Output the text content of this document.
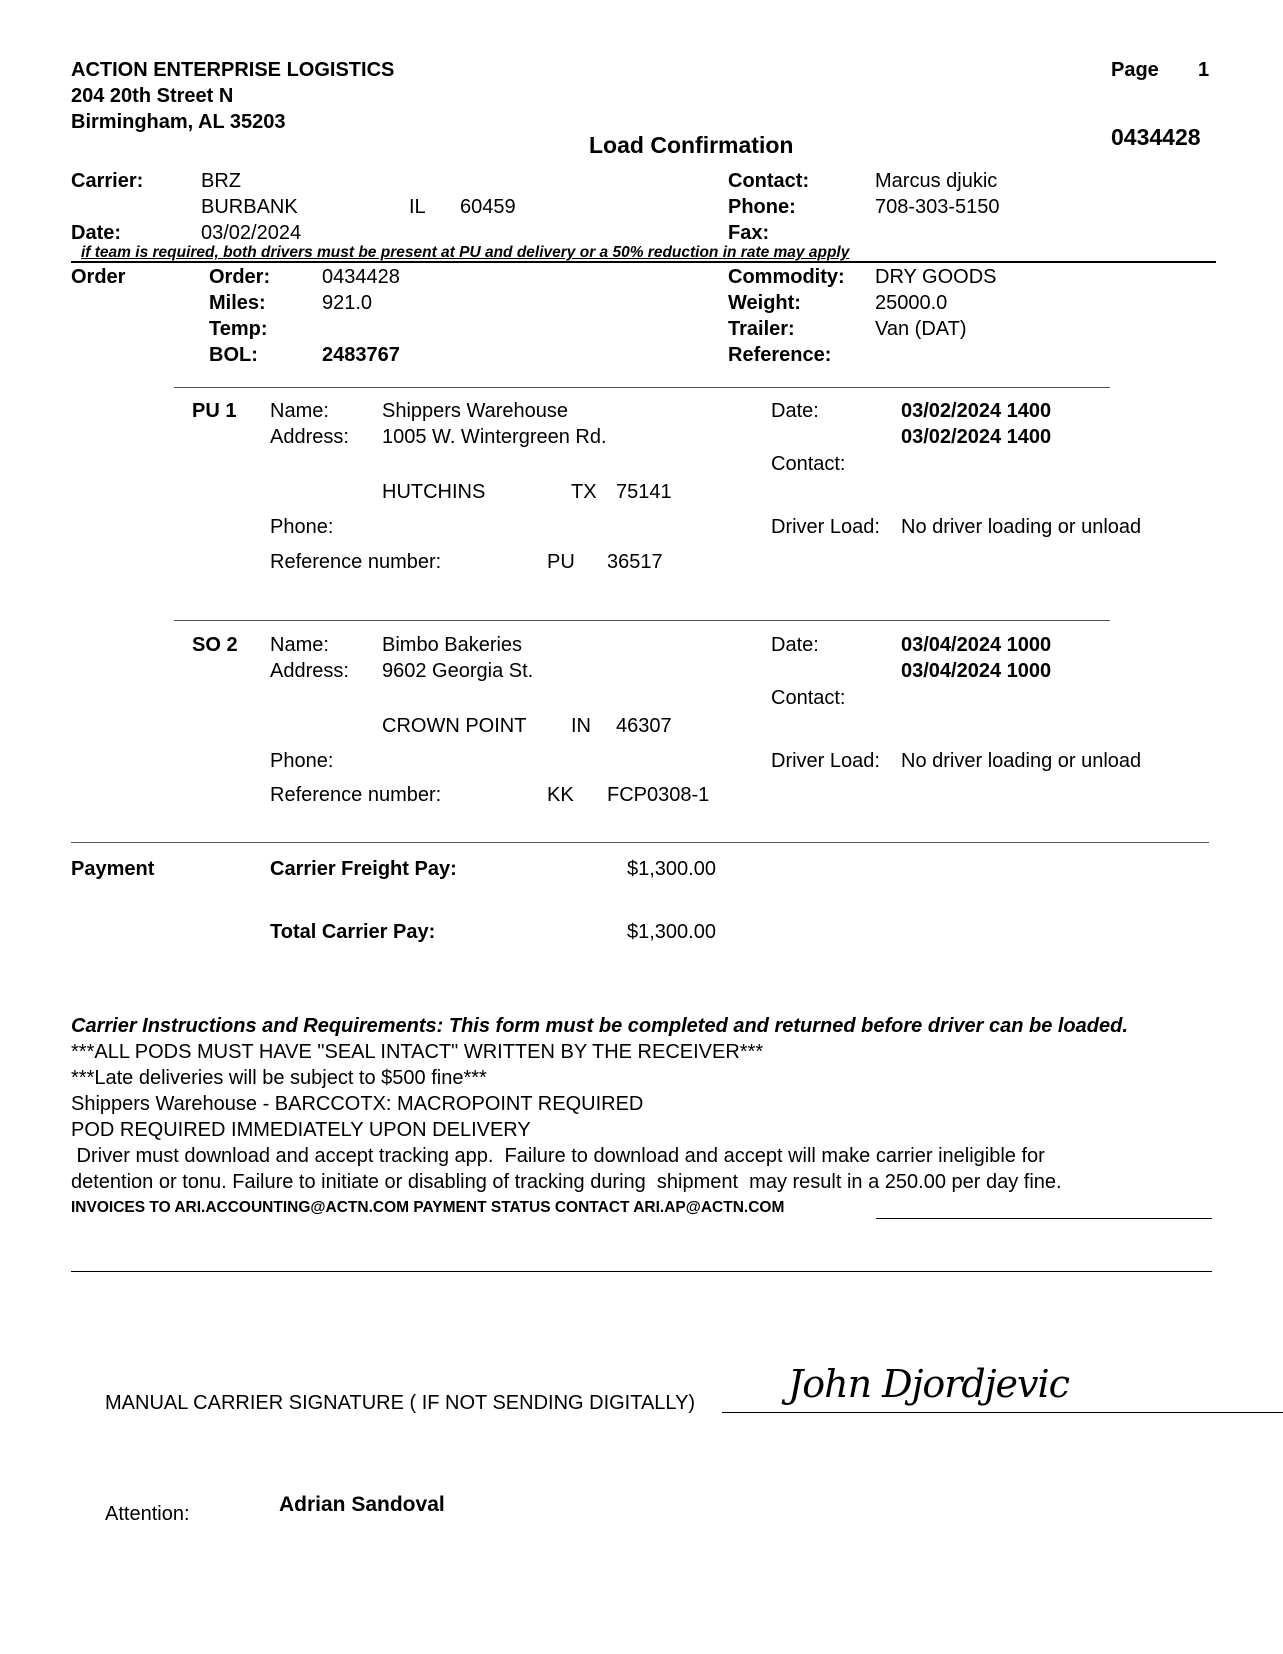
ACTION ENTERPRISE LOGISTICS
204 20th Street N
Birmingham, AL 35203
Page 1
Load Confirmation	0434428
Carrier:	BRZ
BURBANK	IL 60459
Date:	03/02/2024
Contact:	Marcus djukic
Phone:	708-303-5150
Fax:
if team is required, both drivers must be present at PU and delivery or a 50% reduction in rate may apply
Order	Order:	0434428
Miles:	921.0
Temp:
BOL:	2483767
Commodity: DRY GOODS
Weight:	25000.0
Trailer:	Van (DAT)
Reference:
PU 1 Name:	Shippers Warehouse
Address: 1005 W. Wintergreen Rd.
HUTCHINS	TX 75141
Phone:
Reference number:	PU 36517
Date:	03/02/2024 1400
03/02/2024 1400
Contact:
Driver Load: No driver loading or unload
SO 2 Name:	Bimbo Bakeries
Address: 9602 Georgia St.
CROWN POINT IN 46307
Phone:
Reference number:	KK FCP0308-1
Date:	03/04/2024 1000
03/04/2024 1000
Contact:
Driver Load: No driver loading or unload
Payment	Carrier Freight Pay:	$1,300.00
Total Carrier Pay:	$1,300.00
Carrier Instructions and Requirements: This form must be completed and returned before driver can be loaded.
***ALL PODS MUST HAVE "SEAL INTACT" WRITTEN BY THE RECEIVER***
***Late deliveries will be subject to $500 fine***
Shippers Warehouse - BARCCOTX: MACROPOINT REQUIRED
POD REQUIRED IMMEDIATELY UPON DELIVERY
Driver must download and accept tracking app.  Failure to download and accept will make carrier ineligible for
detention or tonu. Failure to initiate or disabling of tracking during  shipment  may result in a 250.00 per day fine.
INVOICES TO ARI.ACCOUNTING@ACTN.COM PAYMENT STATUS CONTACT ARI.AP@ACTN.COM
MANUAL CARRIER SIGNATURE ( IF NOT SENDING DIGITALLY) John Djordjevic
Attention:	Adrian Sandoval
